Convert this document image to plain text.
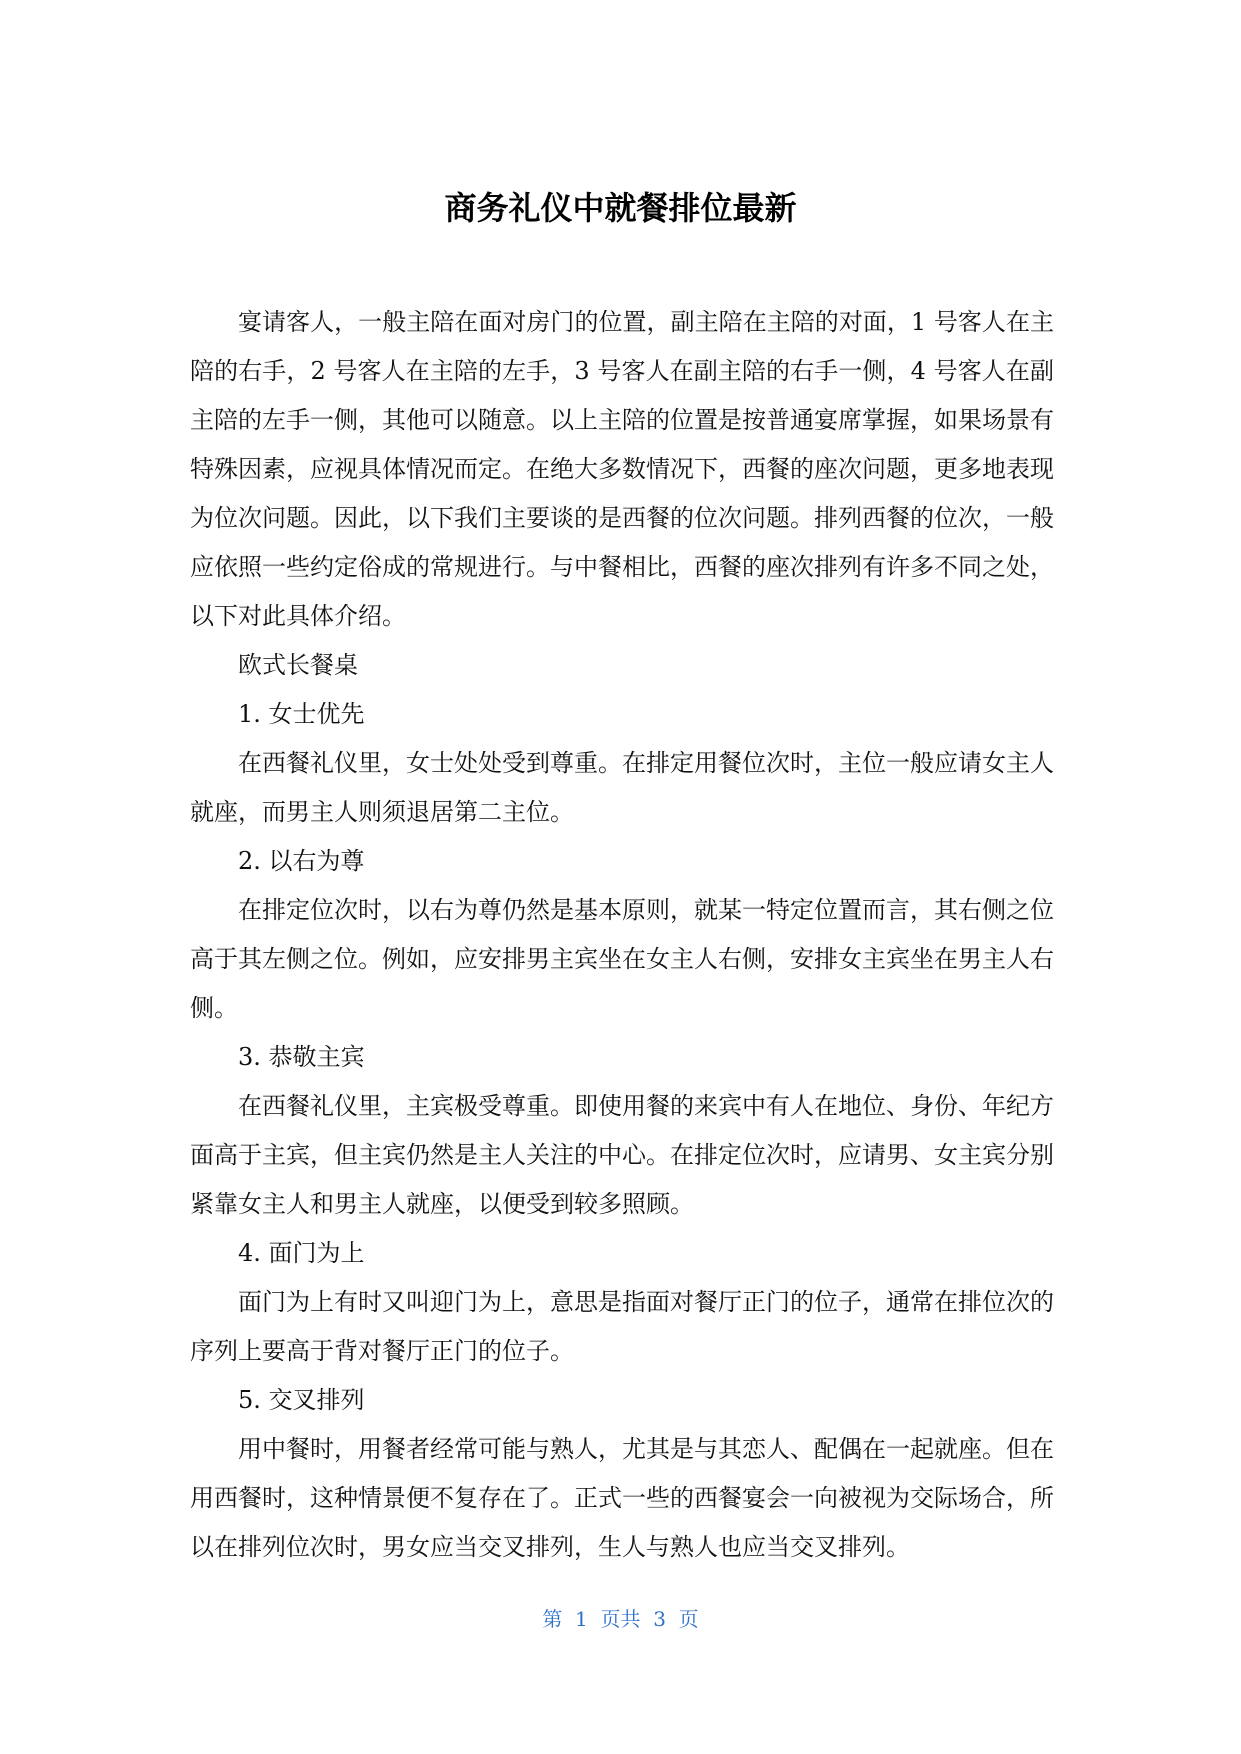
商务礼仪中就餐排位最新

宴请客人，一般主陪在面对房门的位置，副主陪在主陪的对面，1 号客人在主陪的右手，2 号客人在主陪的左手，3 号客人在副主陪的右手一侧，4 号客人在副主陪的左手一侧，其他可以随意。以上主陪的位置是按普通宴席掌握，如果场景有特殊因素，应视具体情况而定。在绝大多数情况下，西餐的座次问题，更多地表现为位次问题。因此，以下我们主要谈的是西餐的位次问题。排列西餐的位次，一般应依照一些约定俗成的常规进行。与中餐相比，西餐的座次排列有许多不同之处，以下对此具体介绍。

欧式长餐桌

1. 女士优先

在西餐礼仪里，女士处处受到尊重。在排定用餐位次时，主位一般应请女主人就座，而男主人则须退居第二主位。

2. 以右为尊

在排定位次时，以右为尊仍然是基本原则，就某一特定位置而言，其右侧之位高于其左侧之位。例如，应安排男主宾坐在女主人右侧，安排女主宾坐在男主人右侧。

3. 恭敬主宾

在西餐礼仪里，主宾极受尊重。即使用餐的来宾中有人在地位、身份、年纪方面高于主宾，但主宾仍然是主人关注的中心。在排定位次时，应请男、女主宾分别紧靠女主人和男主人就座，以便受到较多照顾。

4. 面门为上

面门为上有时又叫迎门为上，意思是指面对餐厅正门的位子，通常在排位次的序列上要高于背对餐厅正门的位子。

5. 交叉排列

用中餐时，用餐者经常可能与熟人，尤其是与其恋人、配偶在一起就座。但在用西餐时，这种情景便不复存在了。正式一些的西餐宴会一向被视为交际场合，所以在排列位次时，男女应当交叉排列，生人与熟人也应当交叉排列。

第  1  页共  3  页
